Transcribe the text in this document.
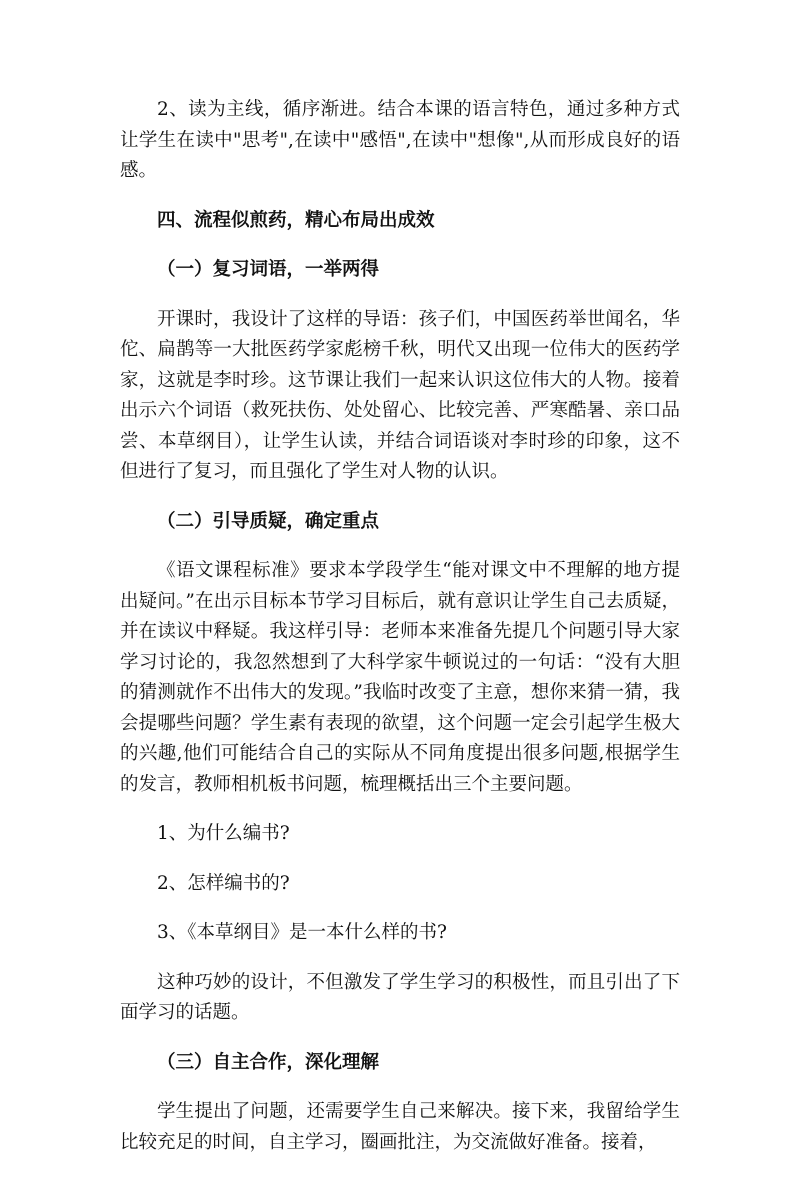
2、读为主线，循序渐进。结合本课的语言特色，通过多种方式让学生在读中"思考",在读中"感悟",在读中"想像",从而形成良好的语感。

四、流程似煎药，精心布局出成效

（一）复习词语，一举两得

开课时，我设计了这样的导语：孩子们，中国医药举世闻名，华佗、扁鹊等一大批医药学家彪榜千秋，明代又出现一位伟大的医药学家，这就是李时珍。这节课让我们一起来认识这位伟大的人物。接着出示六个词语（救死扶伤、处处留心、比较完善、严寒酷暑、亲口品尝、本草纲目），让学生认读，并结合词语谈对李时珍的印象，这不但进行了复习，而且强化了学生对人物的认识。

（二）引导质疑，确定重点

《语文课程标准》要求本学段学生“能对课文中不理解的地方提出疑问。”在出示目标本节学习目标后，就有意识让学生自己去质疑，并在读议中释疑。我这样引导：老师本来准备先提几个问题引导大家学习讨论的，我忽然想到了大科学家牛顿说过的一句话：“没有大胆的猜测就作不出伟大的发现。”我临时改变了主意，想你来猜一猜，我会提哪些问题？学生素有表现的欲望，这个问题一定会引起学生极大的兴趣,他们可能结合自己的实际从不同角度提出很多问题,根据学生的发言，教师相机板书问题，梳理概括出三个主要问题。

1、为什么编书?

2、怎样编书的?

3、《本草纲目》是一本什么样的书?

这种巧妙的设计，不但激发了学生学习的积极性，而且引出了下面学习的话题。

（三）自主合作，深化理解

学生提出了问题，还需要学生自己来解决。接下来，我留给学生比较充足的时间，自主学习，圈画批注，为交流做好准备。接着，
